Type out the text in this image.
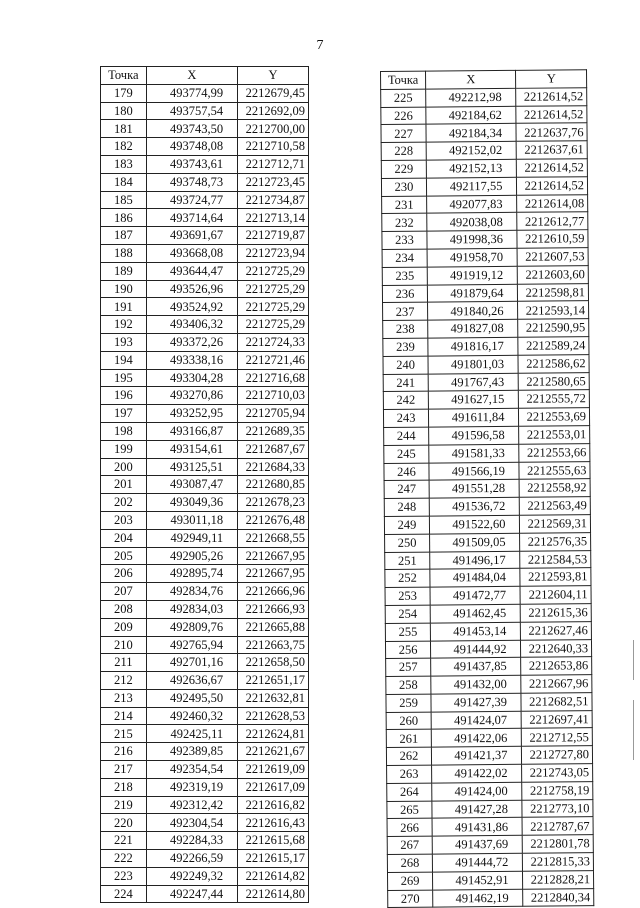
7
Точка	X	Y
179	493774,99	2212679,45
180	493757,54	2212692,09
181	493743,50	2212700,00
182	493748,08	2212710,58
183	493743,61	2212712,71
184	493748,73	2212723,45
185	493724,77	2212734,87
186	493714,64	2212713,14
187	493691,67	2212719,87
188	493668,08	2212723,94
189	493644,47	2212725,29
190	493526,96	2212725,29
191	493524,92	2212725,29
192	493406,32	2212725,29
193	493372,26	2212724,33
194	493338,16	2212721,46
195	493304,28	2212716,68
196	493270,86	2212710,03
197	493252,95	2212705,94
198	493166,87	2212689,35
199	493154,61	2212687,67
200	493125,51	2212684,33
201	493087,47	2212680,85
202	493049,36	2212678,23
203	493011,18	2212676,48
204	492949,11	2212668,55
205	492905,26	2212667,95
206	492895,74	2212667,95
207	492834,76	2212666,96
208	492834,03	2212666,93
209	492809,76	2212665,88
210	492765,94	2212663,75
211	492701,16	2212658,50
212	492636,67	2212651,17
213	492495,50	2212632,81
214	492460,32	2212628,53
215	492425,11	2212624,81
216	492389,85	2212621,67
217	492354,54	2212619,09
218	492319,19	2212617,09
219	492312,42	2212616,82
220	492304,54	2212616,43
221	492284,33	2212615,68
222	492266,59	2212615,17
223	492249,32	2212614,82
224	492247,44	2212614,80
Точка	X	Y
225	492212,98	2212614,52
226	492184,62	2212614,52
227	492184,34	2212637,76
228	492152,02	2212637,61
229	492152,13	2212614,52
230	492117,55	2212614,52
231	492077,83	2212614,08
232	492038,08	2212612,77
233	491998,36	2212610,59
234	491958,70	2212607,53
235	491919,12	2212603,60
236	491879,64	2212598,81
237	491840,26	2212593,14
238	491827,08	2212590,95
239	491816,17	2212589,24
240	491801,03	2212586,62
241	491767,43	2212580,65
242	491627,15	2212555,72
243	491611,84	2212553,69
244	491596,58	2212553,01
245	491581,33	2212553,66
246	491566,19	2212555,63
247	491551,28	2212558,92
248	491536,72	2212563,49
249	491522,60	2212569,31
250	491509,05	2212576,35
251	491496,17	2212584,53
252	491484,04	2212593,81
253	491472,77	2212604,11
254	491462,45	2212615,36
255	491453,14	2212627,46
256	491444,92	2212640,33
257	491437,85	2212653,86
258	491432,00	2212667,96
259	491427,39	2212682,51
260	491424,07	2212697,41
261	491422,06	2212712,55
262	491421,37	2212727,80
263	491422,02	2212743,05
264	491424,00	2212758,19
265	491427,28	2212773,10
266	491431,86	2212787,67
267	491437,69	2212801,78
268	491444,72	2212815,33
269	491452,91	2212828,21
270	491462,19	2212840,34
